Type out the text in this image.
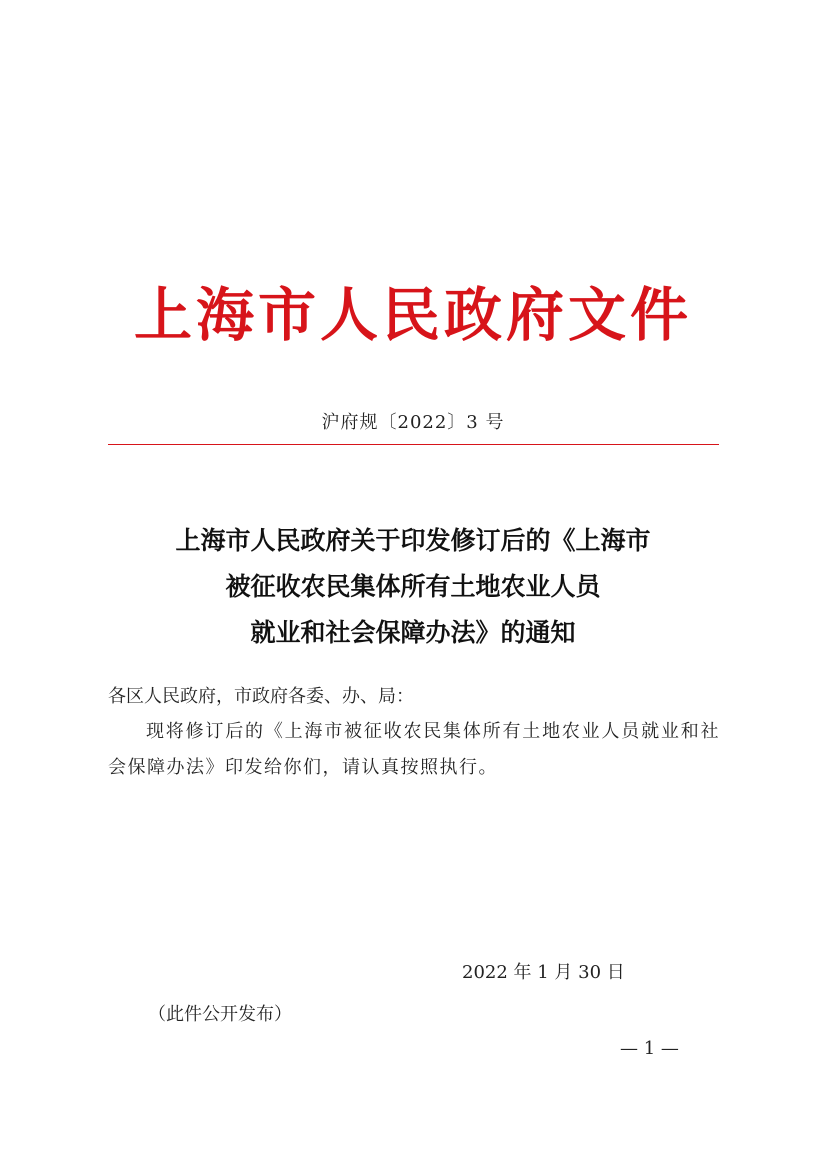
上海市人民政府文件
沪府规〔2022〕3 号
上海市人民政府关于印发修订后的《上海市
被征收农民集体所有土地农业人员
就业和社会保障办法》的通知
各区人民政府，市政府各委、办、局：
现将修订后的《上海市被征收农民集体所有土地农业人员就业和社会保障办法》印发给你们，请认真按照执行。
2022 年 1 月 30 日
（此件公开发布）
— 1 —
